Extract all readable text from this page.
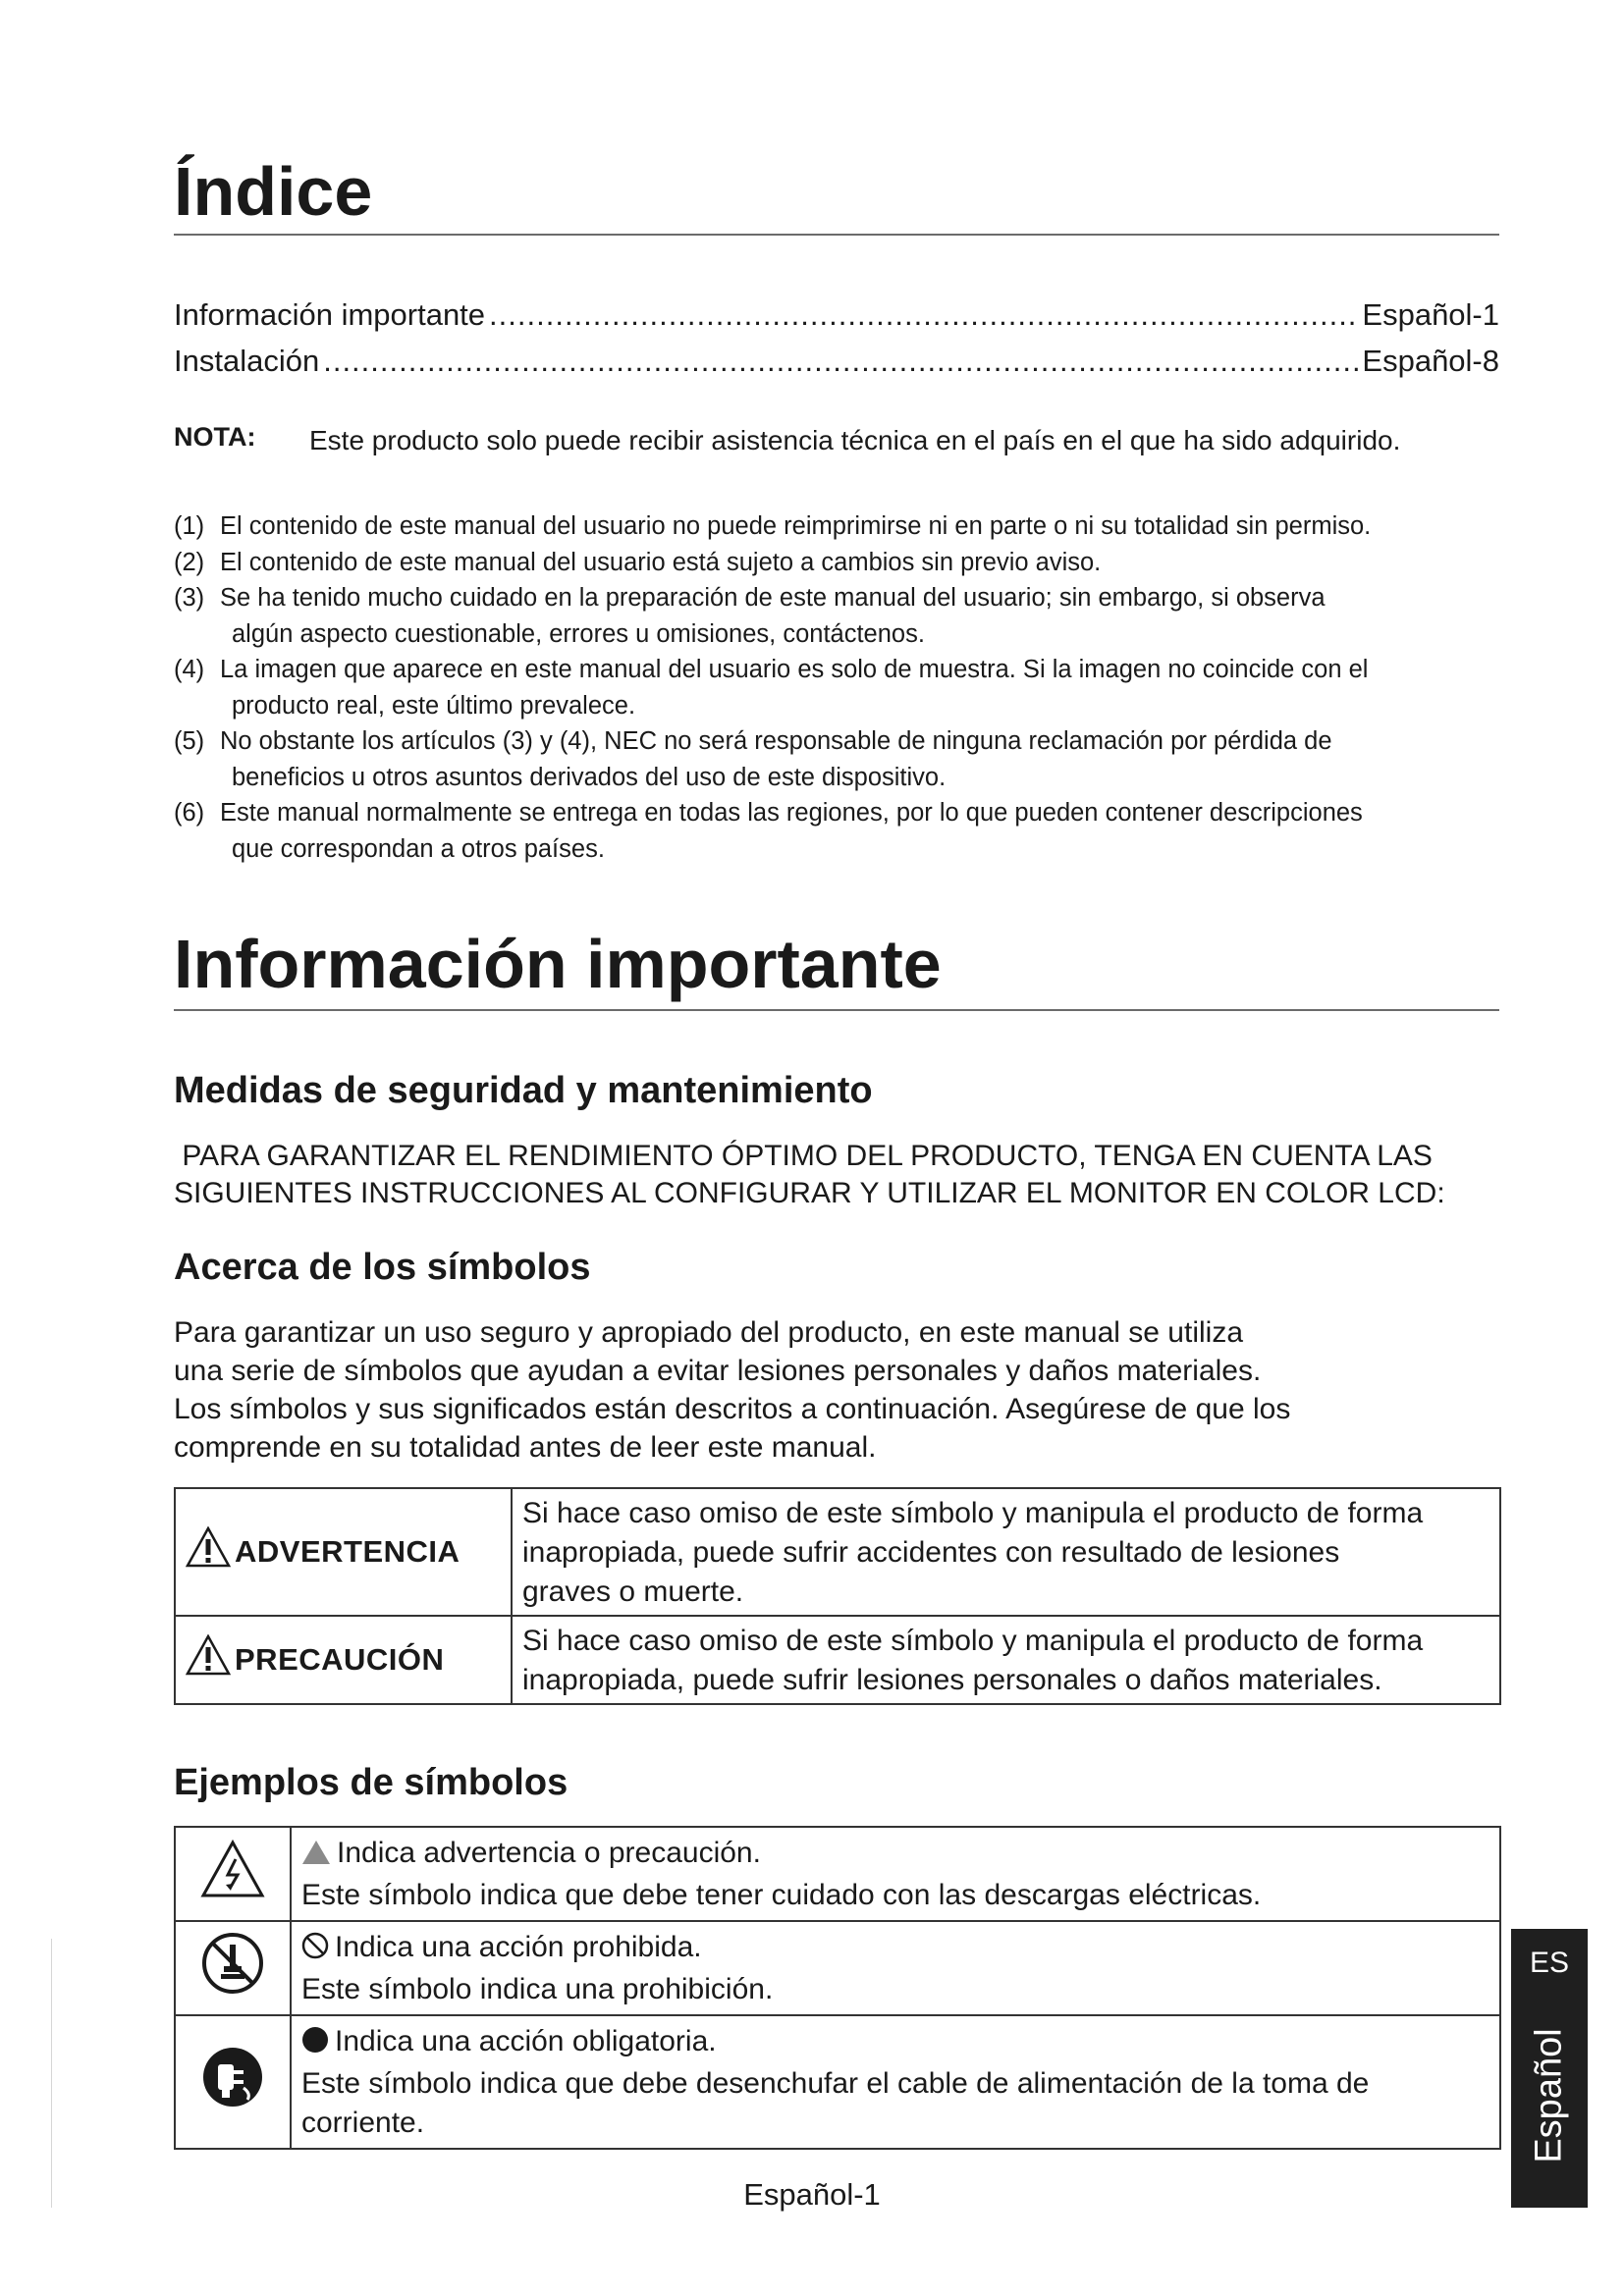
Índice
Información importante .....	Español-1
Instalación .....	Español-8
NOTA: Este producto solo puede recibir asistencia técnica en el país en el que ha sido adquirido.
(1) El contenido de este manual del usuario no puede reimprimirse ni en parte o ni su totalidad sin permiso.
(2) El contenido de este manual del usuario está sujeto a cambios sin previo aviso.
(3) Se ha tenido mucho cuidado en la preparación de este manual del usuario; sin embargo, si observa
algún aspecto cuestionable, errores u omisiones, contáctenos.
(4) La imagen que aparece en este manual del usuario es solo de muestra. Si la imagen no coincide con el
producto real, este último prevalece.
(5) No obstante los artículos (3) y (4), NEC no será responsable de ninguna reclamación por pérdida de
beneficios u otros asuntos derivados del uso de este dispositivo.
(6) Este manual normalmente se entrega en todas las regiones, por lo que pueden contener descripciones
que correspondan a otros países.
Información importante
Medidas de seguridad y mantenimiento
PARA GARANTIZAR EL RENDIMIENTO ÓPTIMO DEL PRODUCTO, TENGA EN CUENTA LAS
SIGUIENTES INSTRUCCIONES AL CONFIGURAR Y UTILIZAR EL MONITOR EN COLOR LCD:
Acerca de los símbolos
Para garantizar un uso seguro y apropiado del producto, en este manual se utiliza
una serie de símbolos que ayudan a evitar lesiones personales y daños materiales.
Los símbolos y sus significados están descritos a continuación. Asegúrese de que los
comprende en su totalidad antes de leer este manual.
ADVERTENCIA	Si hace caso omiso de este símbolo y manipula el producto de forma
inapropiada, puede sufrir accidentes con resultado de lesiones
graves o muerte.

PRECAUCIÓN	Si hace caso omiso de este símbolo y manipula el producto de forma
inapropiada, puede sufrir lesiones personales o daños materiales.
Ejemplos de símbolos

Indica advertencia o precaución.
Este símbolo indica que debe tener cuidado con las descargas eléctricas.

Indica una acción prohibida.
Este símbolo indica una prohibición.

Indica una acción obligatoria.
Este símbolo indica que debe desenchufar el cable de alimentación de la toma de
corriente.
Español-1
ES
Español
